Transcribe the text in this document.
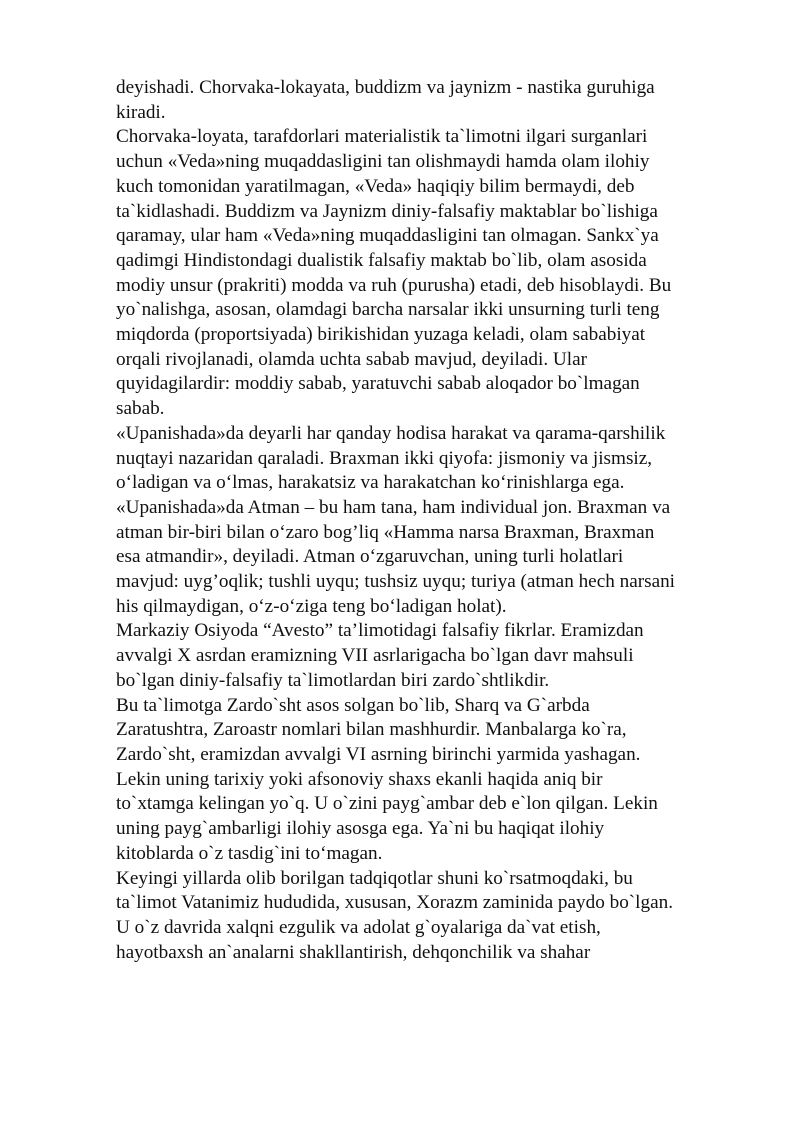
deyishadi. Chorvaka-lokayata, buddizm va jaynizm - nastika guruhiga
kiradi.
Chorvaka-loyata, tarafdorlari materialistik ta`limotni ilgari surganlari
uchun «Veda»ning muqaddasligini tan olishmaydi hamda olam ilohiy
kuch tomonidan yaratilmagan, «Veda» haqiqiy bilim bermaydi, deb
ta`kidlashadi. Buddizm va Jaynizm diniy-falsafiy maktablar bo`lishiga
qaramay, ular ham «Veda»ning muqaddasligini tan olmagan. Sankx`ya
qadimgi Hindistondagi dualistik falsafiy maktab bo`lib, olam asosida
modiy unsur (prakriti) modda va ruh (purusha) etadi, deb hisoblaydi. Bu
yo`nalishga, asosan, olamdagi barcha narsalar ikki unsurning turli teng
miqdorda (proportsiyada) birikishidan yuzaga keladi, olam sababiyat
orqali rivojlanadi, olamda uchta sabab mavjud, deyiladi. Ular
quyidagilardir: moddiy sabab, yaratuvchi sabab aloqador bo`lmagan
sabab.
«Upanishada»da deyarli har qanday hodisa harakat va qarama-qarshilik
nuqtayi nazaridan qaraladi. Braxman ikki qiyofa: jismoniy va jismsiz,
o‘ladigan va o‘lmas, harakatsiz va harakatchan ko‘rinishlarga ega.
«Upanishada»da Atman – bu ham tana, ham individual jon. Braxman va
atman bir-biri bilan o‘zaro bog’liq «Hamma narsa Braxman, Braxman
esa atmandir», deyiladi. Atman o‘zgaruvchan, uning turli holatlari
mavjud: uyg’oqlik; tushli uyqu; tushsiz uyqu; turiya (atman hech narsani
his qilmaydigan, o‘z-o‘ziga teng bo‘ladigan holat).
Markaziy Osiyoda “Avesto” ta’limotidagi falsafiy fikrlar. Eramizdan
avvalgi X asrdan eramizning VII asrlarigacha bo`lgan davr mahsuli
bo`lgan diniy-falsafiy ta`limotlardan biri zardo`shtlikdir.
Bu ta`limotga Zardo`sht asos solgan bo`lib, Sharq va G`arbda
Zaratushtra, Zaroastr nomlari bilan mashhurdir. Manbalarga ko`ra,
Zardo`sht, eramizdan avvalgi VI asrning birinchi yarmida yashagan.
Lekin uning tarixiy yoki afsonoviy shaxs ekanli haqida aniq bir
to`xtamga kelingan yo`q. U o`zini payg`ambar deb e`lon qilgan. Lekin
uning payg`ambarligi ilohiy asosga ega. Ya`ni bu haqiqat ilohiy
kitoblarda o`z tasdig`ini to‘magan.
Keyingi yillarda olib borilgan tadqiqotlar shuni ko`rsatmoqdaki, bu
ta`limot Vatanimiz hududida, xususan, Xorazm zaminida paydo bo`lgan.
U o`z davrida xalqni ezgulik va adolat g`oyalariga da`vat etish,
hayotbaxsh an`analarni shakllantirish, dehqonchilik va shahar
